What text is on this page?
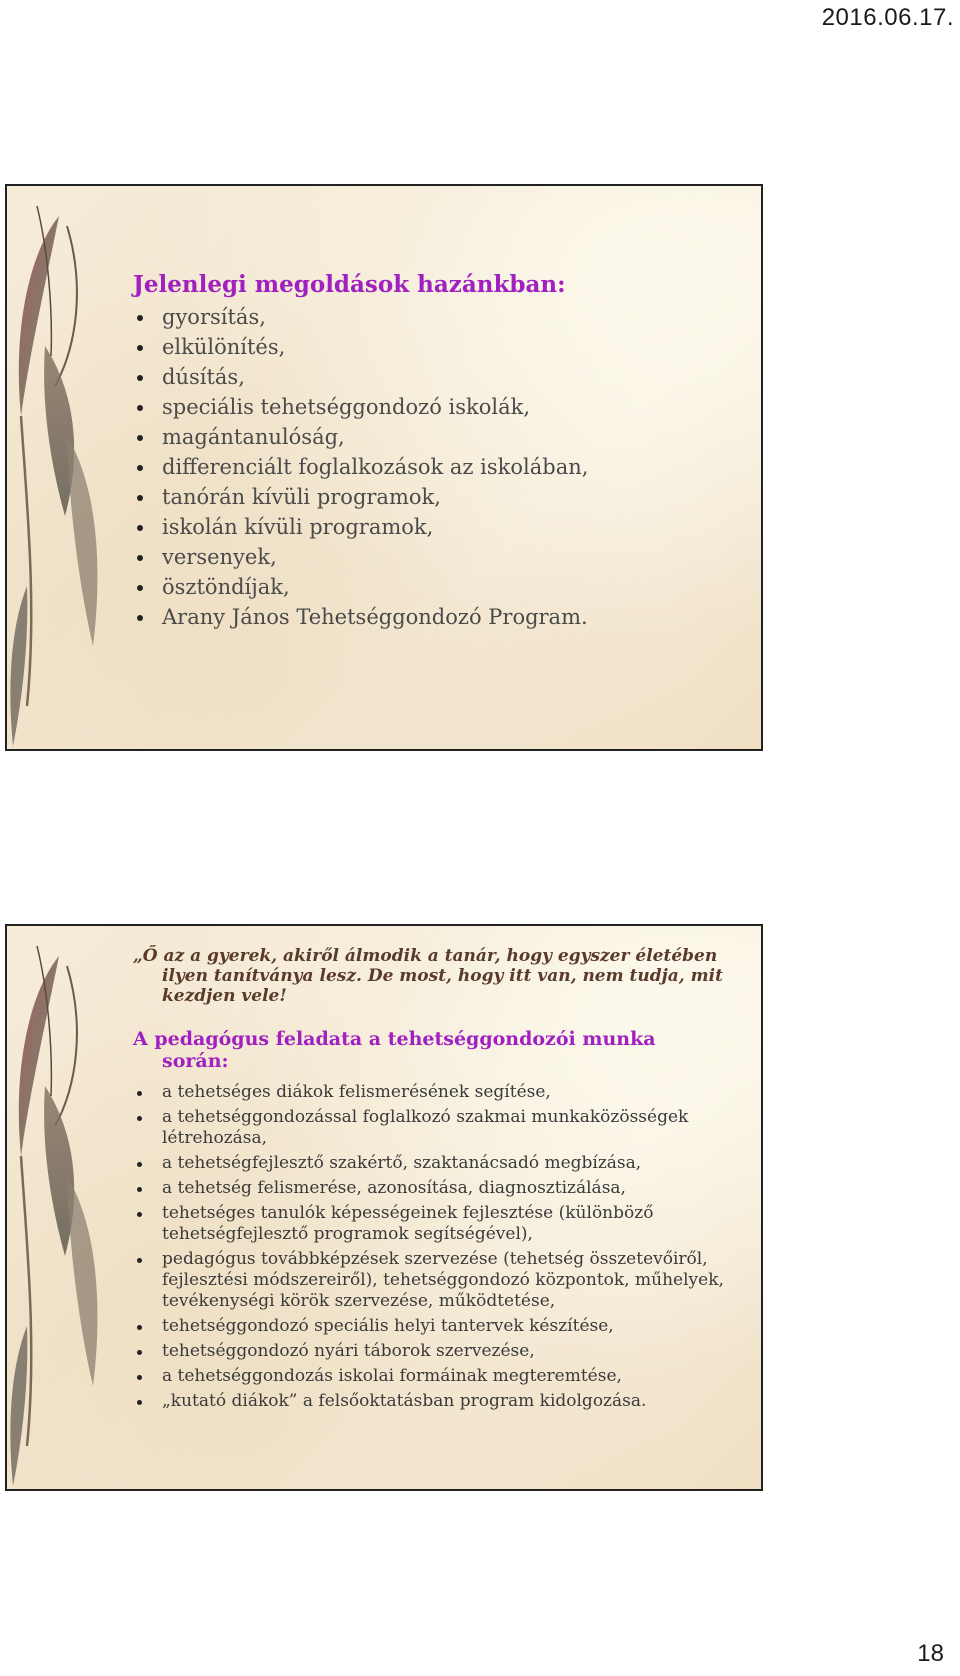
2016.06.17.
Jelenlegi megoldások hazánkban:
gyorsítás,
elkülönítés,
dúsítás,
speciális tehetséggondozó iskolák,
magántanulóság,
differenciált foglalkozások az iskolában,
tanórán kívüli programok,
iskolán kívüli programok,
versenyek,
ösztöndíjak,
Arany János Tehetséggondozó Program.

„Ő az a gyerek, akiről álmodik a tanár, hogy egyszer életében ilyen tanítványa lesz. De most, hogy itt van, nem tudja, mit kezdjen vele!

A pedagógus feladata a tehetséggondozói munka
során:
a tehetséges diákok felismerésének segítése,
a tehetséggondozással foglalkozó szakmai munkaközösségek létrehozása,
a tehetségfejlesztő szakértő, szaktanácsadó megbízása,
a tehetség felismerése, azonosítása, diagnosztizálása,
tehetséges tanulók képességeinek fejlesztése (különböző tehetségfejlesztő programok segítségével),
pedagógus továbbképzések szervezése (tehetség összetevőiről, fejlesztési módszereiről), tehetséggondozó központok, műhelyek, tevékenységi körök szervezése, működtetése,
tehetséggondozó speciális helyi tantervek készítése,
tehetséggondozó nyári táborok szervezése,
a tehetséggondozás iskolai formáinak megteremtése,
„kutató diákok” a felsőoktatásban program kidolgozása.
18
